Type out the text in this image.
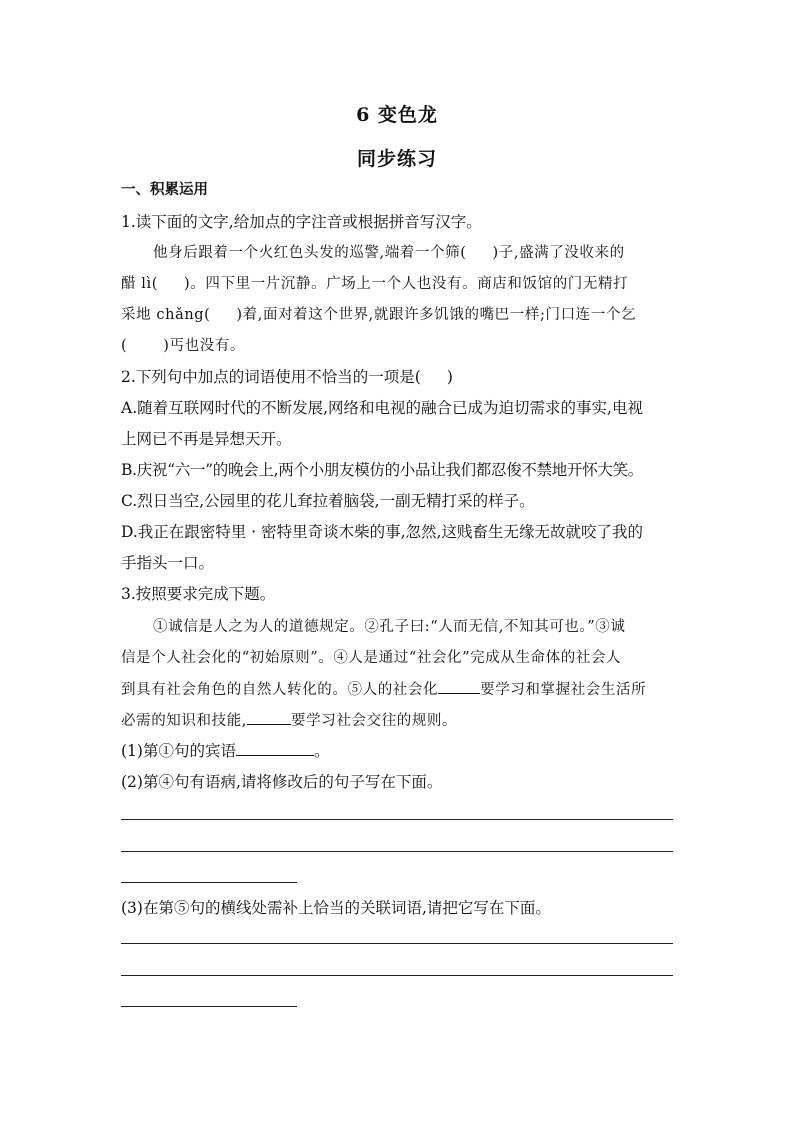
6 变色龙
同步练习
一、积累运用
1.读下面的文字,给加点的字注音或根据拼音写汉字。
他身后跟着一个火红色头发的巡警,端着一个筛( )子,盛满了没收来的
醋 lì( )。四下里一片沉静。广场上一个人也没有。商店和饭馆的门无精打
采地 chǎng( )着,面对着这个世界,就跟许多饥饿的嘴巴一样;门口连一个乞
( )丐也没有。
2.下列句中加点的词语使用不恰当的一项是( )
A.随着互联网时代的不断发展,网络和电视的融合已成为迫切需求的事实,电视
上网已不再是异想天开。
B.庆祝“六一”的晚会上,两个小朋友模仿的小品让我们都忍俊不禁地开怀大笑。
C.烈日当空,公园里的花儿耷拉着脑袋,一副无精打采的样子。
D.我正在跟密特里 · 密特里奇谈木柴的事,忽然,这贱畜生无缘无故就咬了我的
手指头一口。
3.按照要求完成下题。
①诚信是人之为人的道德规定。②孔子曰:“人而无信,不知其可也。”③诚
信是个人社会化的“初始原则”。④人是通过“社会化”完成从生命体的社会人
到具有社会角色的自然人转化的。⑤人的社会化	要学习和掌握社会生活所
必需的知识和技能,	要学习社会交往的规则。
(1)第①句的宾语	。
(2)第④句有语病,请将修改后的句子写在下面。
(3)在第⑤句的横线处需补上恰当的关联词语,请把它写在下面。
